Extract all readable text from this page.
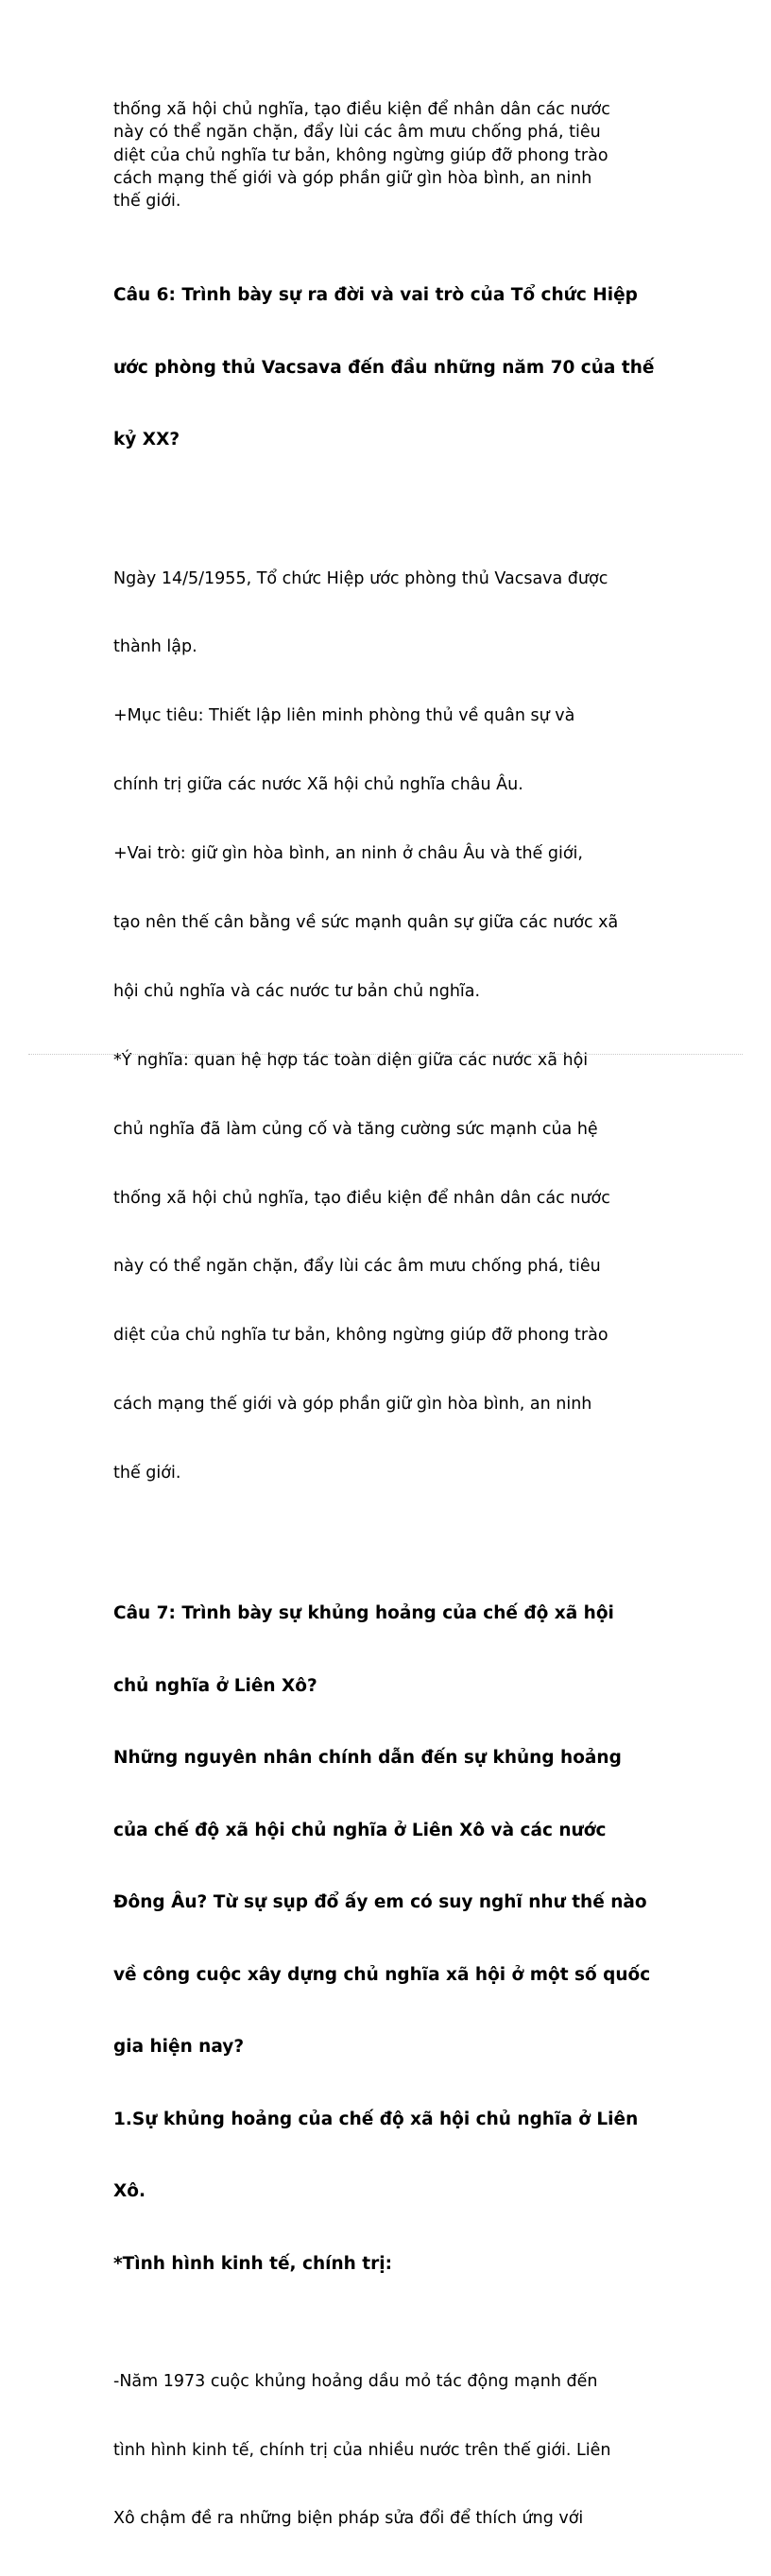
thống xã hội chủ nghĩa, tạo điều kiện để nhân dân các nước
này có thể ngăn chặn, đẩy lùi các âm mưu chống phá, tiêu
diệt của chủ nghĩa tư bản, không ngừng giúp đỡ phong trào
cách mạng thế giới và góp phần giữ gìn hòa bình, an ninh
thế giới.

Câu 6: Trình bày sự ra đời và vai trò của Tổ chức Hiệp

ước phòng thủ Vacsava đến đầu những năm 70 của thế

kỷ XX?

Ngày 14/5/1955, Tổ chức Hiệp ước phòng thủ Vacsava được

thành lập.

+Mục tiêu: Thiết lập liên minh phòng thủ về quân sự và

chính trị giữa các nước Xã hội chủ nghĩa châu Âu.

+Vai trò: giữ gìn hòa bình, an ninh ở châu Âu và thế giới,

tạo nên thế cân bằng về sức mạnh quân sự giữa các nước xã

hội chủ nghĩa và các nước tư bản chủ nghĩa.

*Ý nghĩa: quan hệ hợp tác toàn diện giữa các nước xã hội

chủ nghĩa đã làm củng cố và tăng cường sức mạnh của hệ

thống xã hội chủ nghĩa, tạo điều kiện để nhân dân các nước

này có thể ngăn chặn, đẩy lùi các âm mưu chống phá, tiêu

diệt của chủ nghĩa tư bản, không ngừng giúp đỡ phong trào

cách mạng thế giới và góp phần giữ gìn hòa bình, an ninh

thế giới.

Câu 7: Trình bày sự khủng hoảng của chế độ xã hội

chủ nghĩa ở Liên Xô?

Những nguyên nhân chính dẫn đến sự khủng hoảng

của chế độ xã hội chủ nghĩa ở Liên Xô và các nước

Đông Âu? Từ sự sụp đổ ấy em có suy nghĩ như thế nào

về công cuộc xây dựng chủ nghĩa xã hội ở một số quốc

gia hiện nay?

1.Sự khủng hoảng của chế độ xã hội chủ nghĩa ở Liên

Xô.

*Tình hình kinh tế, chính trị:

-Năm 1973 cuộc khủng hoảng dầu mỏ tác động mạnh đến

tình hình kinh tế, chính trị của nhiều nước trên thế giới. Liên

Xô chậm đề ra những biện pháp sửa đổi để thích ứng với
